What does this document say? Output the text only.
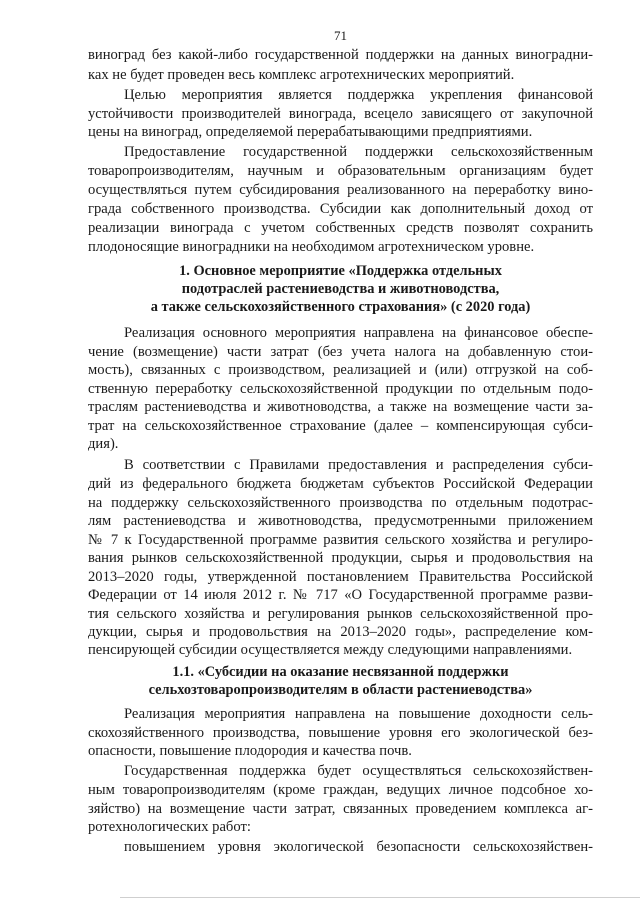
71
виноград без какой-либо государственной поддержки на данных виноградни-
ках не будет проведен весь комплекс агротехнических мероприятий.
Целью мероприятия является поддержка укрепления финансовой
устойчивости производителей винограда, всецело зависящего от закупочной
цены на виноград, определяемой перерабатывающими предприятиями.
Предоставление государственной поддержки сельскохозяйственным
товаропроизводителям, научным и образовательным организациям будет
осуществляться путем субсидирования реализованного на переработку вино-
града собственного производства. Субсидии как дополнительный доход от
реализации винограда с учетом собственных средств позволят сохранить
плодоносящие виноградники на необходимом агротехническом уровне.
1. Основное мероприятие «Поддержка отдельных
подотраслей растениеводства и животноводства,
а также сельскохозяйственного страхования» (с 2020 года)
Реализация основного мероприятия направлена на финансовое обеспе-
чение (возмещение) части затрат (без учета налога на добавленную стои-
мость), связанных с производством, реализацией и (или) отгрузкой на соб-
ственную переработку сельскохозяйственной продукции по отдельным подо-
траслям растениеводства и животноводства, а также на возмещение части за-
трат на сельскохозяйственное страхование (далее – компенсирующая субси-
дия).
В соответствии с Правилами предоставления и распределения субси-
дий из федерального бюджета бюджетам субъектов Российской Федерации
на поддержку сельскохозяйственного производства по отдельным подотрас-
лям растениеводства и животноводства, предусмотренными приложением
№ 7 к Государственной программе развития сельского хозяйства и регулиро-
вания рынков сельскохозяйственной продукции, сырья и продовольствия на
2013–2020 годы, утвержденной постановлением Правительства Российской
Федерации от 14 июля 2012 г. № 717 «О Государственной программе разви-
тия сельского хозяйства и регулирования рынков сельскохозяйственной про-
дукции, сырья и продовольствия на 2013–2020 годы», распределение ком-
пенсирующей субсидии осуществляется между следующими направлениями.
1.1. «Субсидии на оказание несвязанной поддержки
сельхозтоваропроизводителям в области растениеводства»
Реализация мероприятия направлена на повышение доходности сель-
скохозяйственного производства, повышение уровня его экологической без-
опасности, повышение плодородия и качества почв.
Государственная поддержка будет осуществляться сельскохозяйствен-
ным товаропроизводителям (кроме граждан, ведущих личное подсобное хо-
зяйство) на возмещение части затрат, связанных проведением комплекса аг-
ротехнологических работ:
повышением уровня экологической безопасности сельскохозяйствен-
